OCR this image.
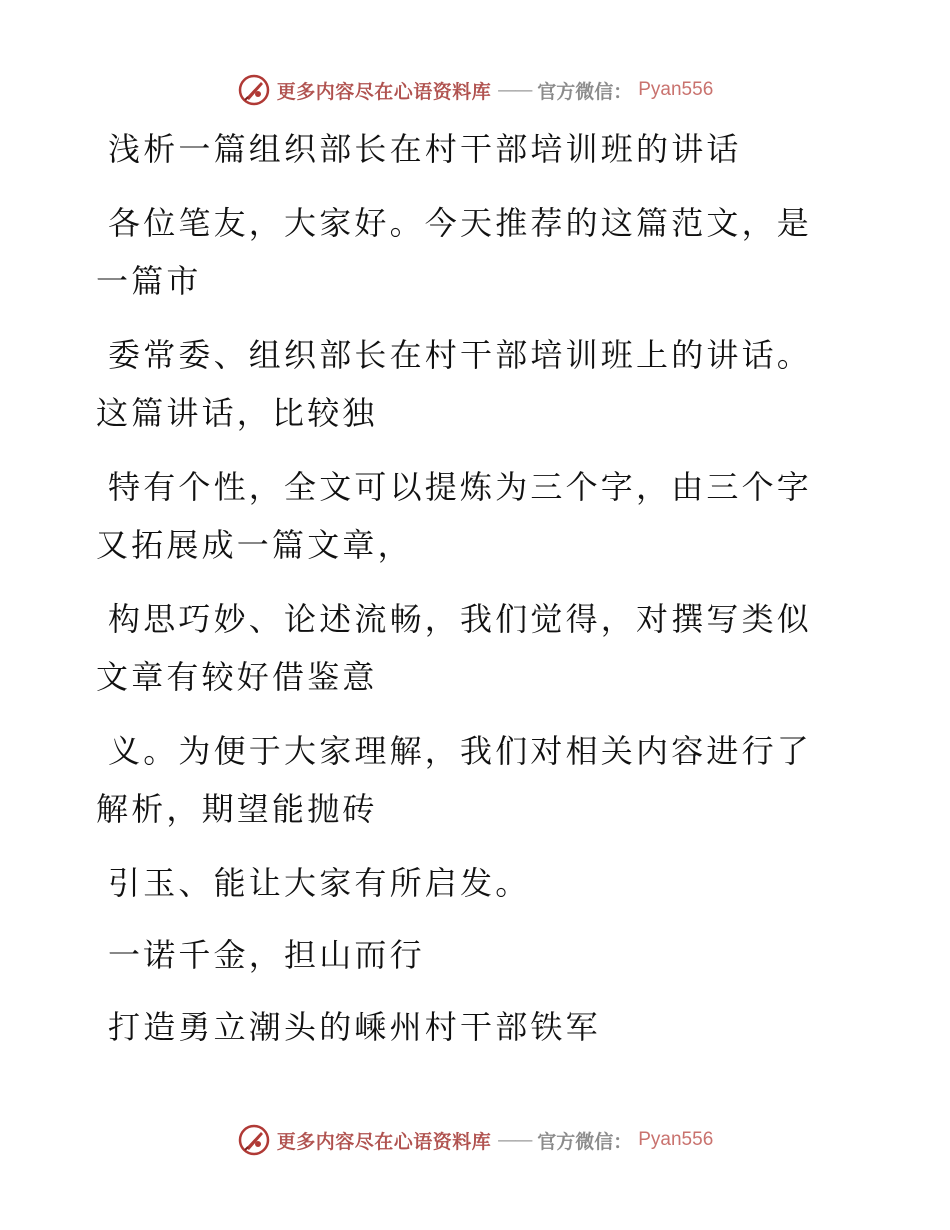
更多内容尽在心语资料库 —— 官方微信： Pyan556

浅析一篇组织部长在村干部培训班的讲话

各位笔友，大家好。今天推荐的这篇范文，是一篇市

委常委、组织部长在村干部培训班上的讲话。这篇讲话，比较独

特有个性，全文可以提炼为三个字，由三个字又拓展成一篇文章，

构思巧妙、论述流畅，我们觉得，对撰写类似文章有较好借鉴意

义。为便于大家理解，我们对相关内容进行了解析，期望能抛砖

引玉、能让大家有所启发。

一诺千金，担山而行

打造勇立潮头的嵊州村干部铁军

更多内容尽在心语资料库 —— 官方微信： Pyan556
